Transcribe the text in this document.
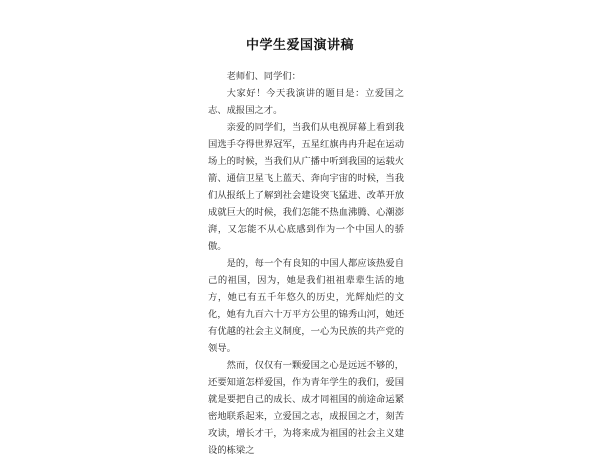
中学生爱国演讲稿

老师们、同学们：

大家好！今天我演讲的题目是：立爱国之志、成报国之才。

亲爱的同学们，当我们从电视屏幕上看到我国选手夺得世界冠军，五星红旗冉冉升起在运动场上的时候，当我们从广播中听到我国的运载火箭、通信卫星飞上蓝天、奔向宇宙的时候，当我们从报纸上了解到社会建设突飞猛进、改革开放成就巨大的时候，我们怎能不热血沸腾、心潮澎湃，又怎能不从心底感到作为一个中国人的骄傲。

是的，每一个有良知的中国人都应该热爱自己的祖国，因为，她是我们祖祖辈辈生活的地方，她已有五千年悠久的历史，光辉灿烂的文化，她有九百六十万平方公里的锦秀山河，她还有优越的社会主义制度，一心为民族的共产党的领导。

然而，仅仅有一颗爱国之心是远远不够的，还要知道怎样爱国，作为青年学生的我们，爱国就是要把自己的成长、成才同祖国的前途命运紧密地联系起来，立爱国之志，成报国之才，刻苦攻读，增长才干，为将来成为祖国的社会主义建设的栋梁之
